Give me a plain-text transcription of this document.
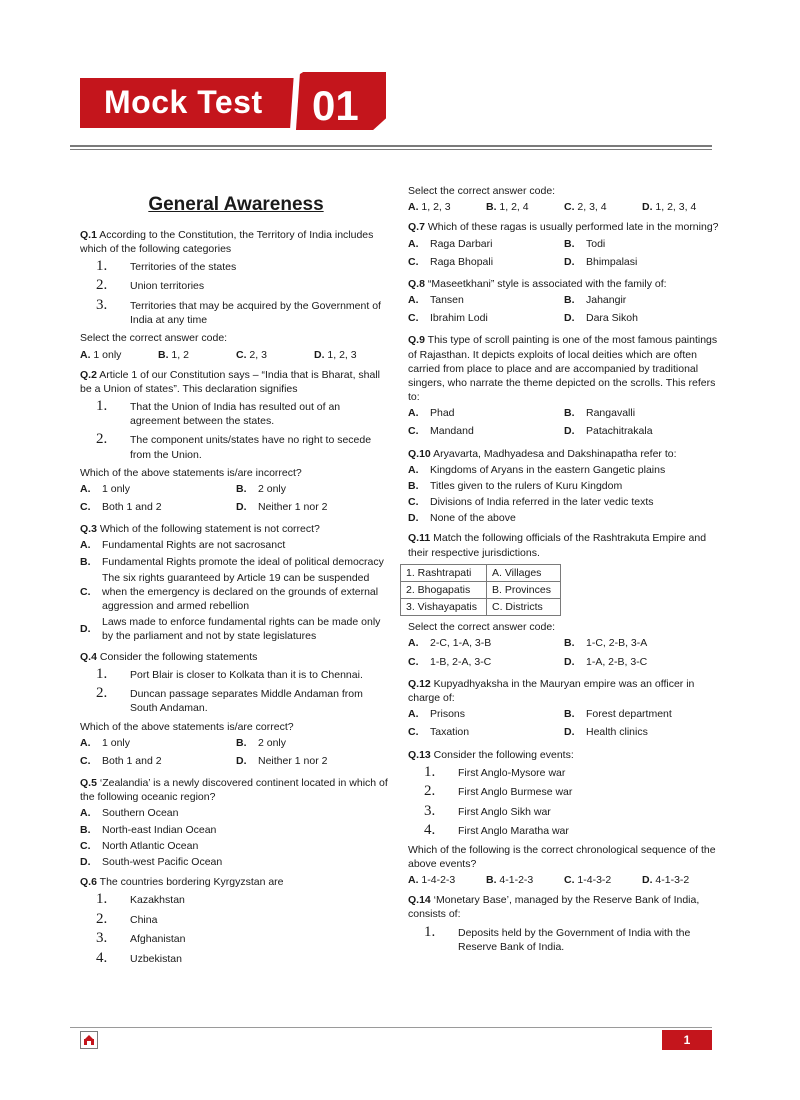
Mock Test 01
General Awareness
Q.1 According to the Constitution, the Territory of India includes which of the following categories
1.	Territories of the states
2.	Union territories
3.	Territories that may be acquired by the Government of India at any time
Select the correct answer code:
A. 1 only	B. 1, 2	C. 2, 3	D. 1, 2, 3
Q.2 Article 1 of our Constitution says – “India that is Bharat, shall be a Union of states”. This declaration signifies
1.	That the Union of India has resulted out of an agreement between the states.
2.	The component units/states have no right to secede from the Union.
Which of the above statements is/are incorrect?
A.	1 only	B.	2 only
C.	Both 1 and 2	D.	Neither 1 nor 2
Q.3 Which of the following statement is not correct?
A.	Fundamental Rights are not sacrosanct
B.	Fundamental Rights promote the ideal of political democracy
C.
The six rights guaranteed by Article 19 can be suspended when the emergency is declared on the grounds of external aggression and armed rebellion
D.
Laws made to enforce fundamental rights can be made only by the parliament and not by state legislatures
Q.4 Consider the following statements
1.	Port Blair is closer to Kolkata than it is to Chennai.
2.	Duncan passage separates Middle Andaman from South Andaman.
Which of the above statements is/are correct?
A.	1 only	B.	2 only
C.	Both 1 and 2	D.	Neither 1 nor 2
Q.5 ‘Zealandia’ is a newly discovered continent located in which of the following oceanic region?
A.	Southern Ocean
B.	North-east Indian Ocean
C.	North Atlantic Ocean
D.	South-west Pacific Ocean
Q.6 The countries bordering Kyrgyzstan are
1.	Kazakhstan
2.	China
3.	Afghanistan
4.	Uzbekistan
Select the correct answer code:
A. 1, 2, 3	B. 1, 2, 4	C. 2, 3, 4	D. 1, 2, 3, 4
Q.7 Which of these ragas is usually performed late in the morning?
A.	Raga Darbari	B.	Todi
C.	Raga Bhopali	D.	Bhimpalasi
Q.8 “Maseetkhani” style is associated with the family of:
A.	Tansen	B.	Jahangir
C.	Ibrahim Lodi	D.	Dara Sikoh
Q.9 This type of scroll painting is one of the most famous paintings of Rajasthan. It depicts exploits of local deities which are often carried from place to place and are accompanied by traditional singers, who narrate the theme depicted on the scrolls. This refers to:
A.	Phad	B.	Rangavalli
C.	Mandand	D.	Patachitrakala
Q.10 Aryavarta, Madhyadesa and Dakshinapatha refer to:
A.	Kingdoms of Aryans in the eastern Gangetic plains
B.	Titles given to the rulers of Kuru Kingdom
C.	Divisions of India referred in the later vedic texts
D.	None of the above
Q.11 Match the following officials of the Rashtrakuta Empire and their respective jurisdictions.
1. Rashtrapati	A. Villages
2. Bhogapatis	B. Provinces
3. Vishayapatis	C. Districts
Select the correct answer code:
A.	2-C, 1-A, 3-B	B.	1-C, 2-B, 3-A
C.	1-B, 2-A, 3-C	D.	1-A, 2-B, 3-C
Q.12 Kupyadhyaksha in the Mauryan empire was an officer in charge of:
A.	Prisons	B.	Forest department
C.	Taxation	D.	Health clinics
Q.13 Consider the following events:
1.	First Anglo-Mysore war
2.	First Anglo Burmese war
3.	First Anglo Sikh war
4.	First Anglo Maratha war
Which of the following is the correct chronological sequence of the above events?
A. 1-4-2-3	B. 4-1-2-3	C. 1-4-3-2	D. 4-1-3-2
Q.14 ‘Monetary Base’, managed by the Reserve Bank of India, consists of:
1.	Deposits held by the Government of India with the Reserve Bank of India.
1
